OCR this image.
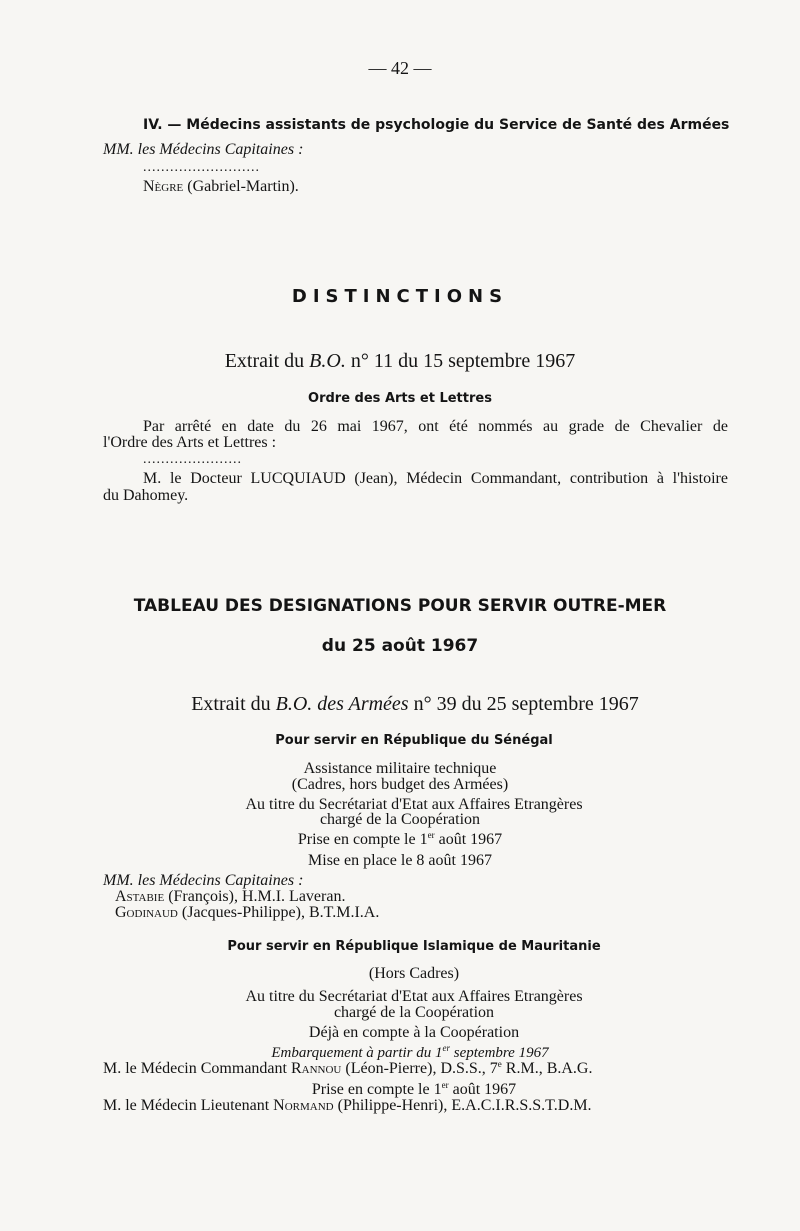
— 42 —
IV. — Médecins assistants de psychologie du Service de Santé des Armées
MM. les Médecins Capitaines :
..........................
Nègre (Gabriel-Martin).
DISTINCTIONS
Extrait du B.O. n° 11 du 15 septembre 1967
Ordre des Arts et Lettres
Par arrêté en date du 26 mai 1967, ont été nommés au grade de Chevalier de
l'Ordre des Arts et Lettres :
......................
M. le Docteur LUCQUIAUD (Jean), Médecin Commandant, contribution à l'histoire
du Dahomey.
TABLEAU DES DESIGNATIONS POUR SERVIR OUTRE-MER
du 25 août 1967
Extrait du B.O. des Armées n° 39 du 25 septembre 1967
Pour servir en République du Sénégal
Assistance militaire technique
(Cadres, hors budget des Armées)
Au titre du Secrétariat d'Etat aux Affaires Etrangères
chargé de la Coopération
Prise en compte le 1er août 1967
Mise en place le 8 août 1967
MM. les Médecins Capitaines :
Astabie (François), H.M.I. Laveran.
Godinaud (Jacques-Philippe), B.T.M.I.A.
Pour servir en République Islamique de Mauritanie
(Hors Cadres)
Au titre du Secrétariat d'Etat aux Affaires Etrangères
chargé de la Coopération
Déjà en compte à la Coopération
Embarquement à partir du 1er septembre 1967
M. le Médecin Commandant Rannou (Léon-Pierre), D.S.S., 7e R.M., B.A.G.
Prise en compte le 1er août 1967
M. le Médecin Lieutenant Normand (Philippe-Henri), E.A.C.I.R.S.S.T.D.M.
